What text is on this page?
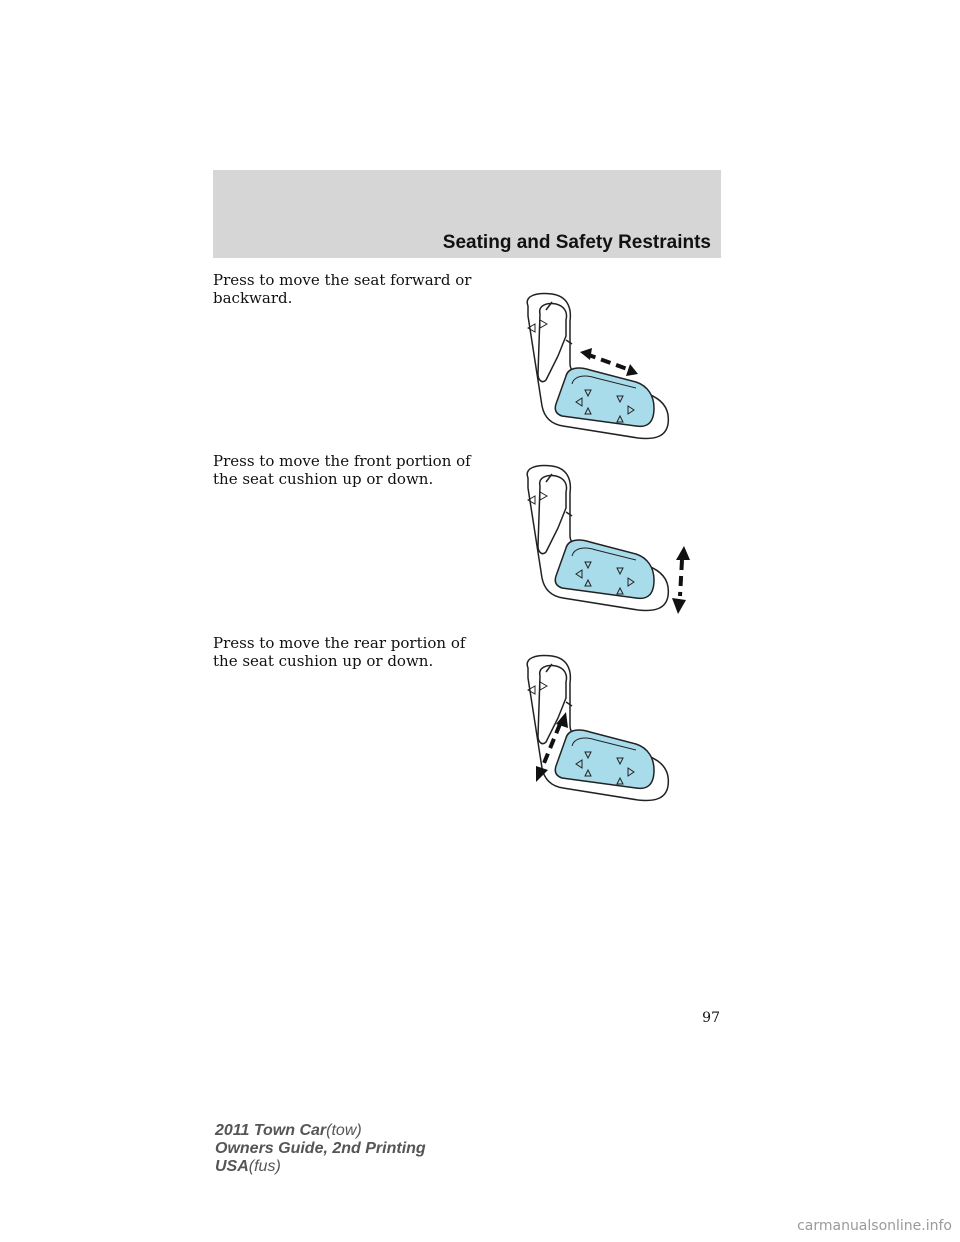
Seating and Safety Restraints
Press to move the seat forward or
backward.
Press to move the front portion of
the seat cushion up or down.
Press to move the rear portion of
the seat cushion up or down.
97
2011 Town Car(tow)
Owners Guide, 2nd Printing
USA(fus)
carmanualsonline.info
